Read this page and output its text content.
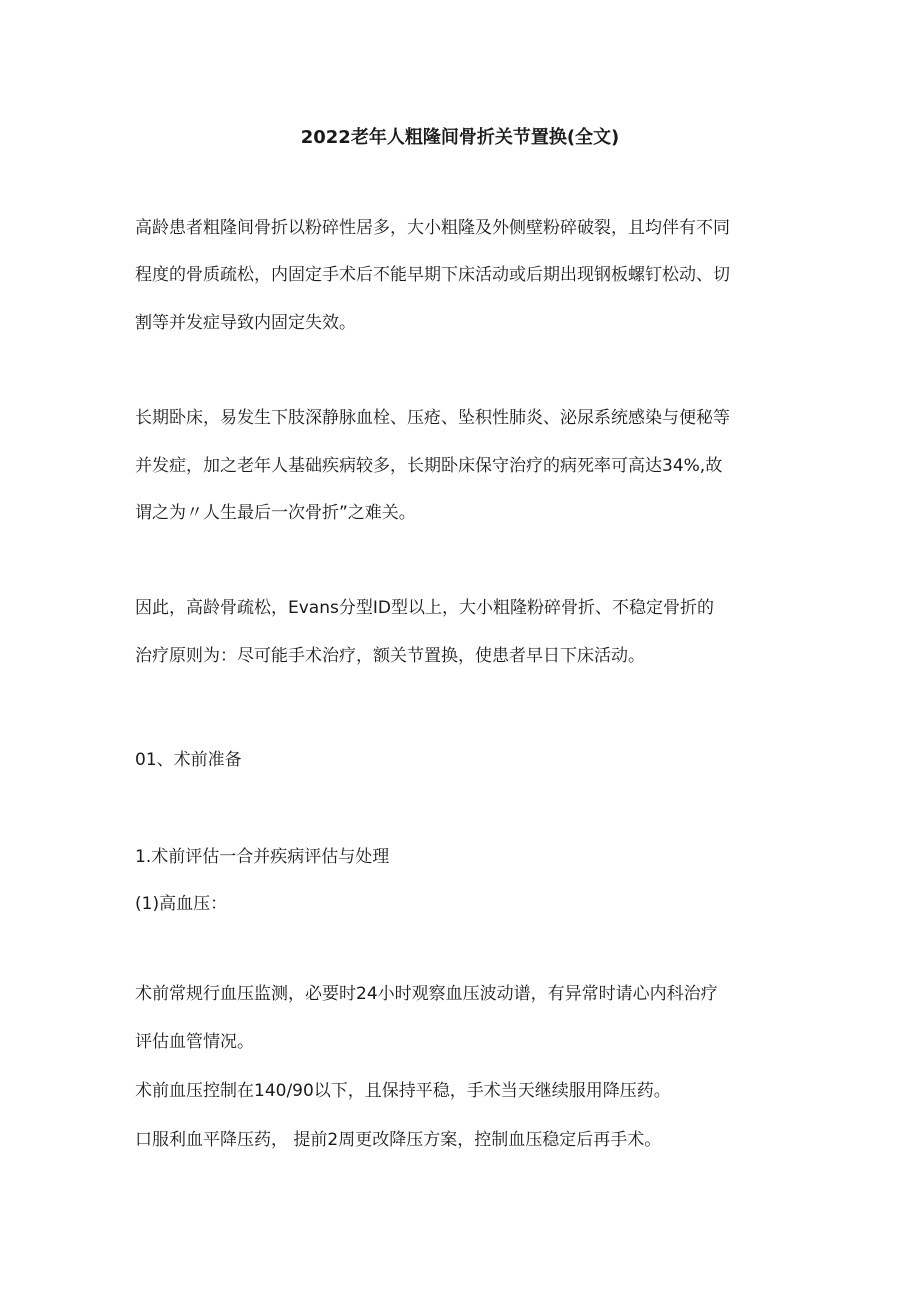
2022老年人粗隆间骨折关节置换(全文)
高龄患者粗隆间骨折以粉碎性居多，大小粗隆及外侧壁粉碎破裂，且均伴有不同
程度的骨质疏松，内固定手术后不能早期下床活动或后期出现钢板螺钉松动、切
割等并发症导致内固定失效。
长期卧床，易发生下肢深静脉血栓、压疮、坠积性肺炎、泌尿系统感染与便秘等
并发症，加之老年人基础疾病较多，长期卧床保守治疗的病死率可高达34%,故
谓之为〃人生最后一次骨折”之难关。
因此，高龄骨疏松，Evans分型ID型以上，大小粗隆粉碎骨折、不稳定骨折的
治疗原则为：尽可能手术治疗，额关节置换，使患者早日下床活动。
01、术前准备
1.术前评估一合并疾病评估与处理
(1)高血压：
术前常规行血压监测，必要时24小时观察血压波动谱，有异常时请心内科治疗
评估血管情况。
术前血压控制在140/90以下，且保持平稳，手术当天继续服用降压药。
口服利血平降压药， 提前2周更改降压方案，控制血压稳定后再手术。
